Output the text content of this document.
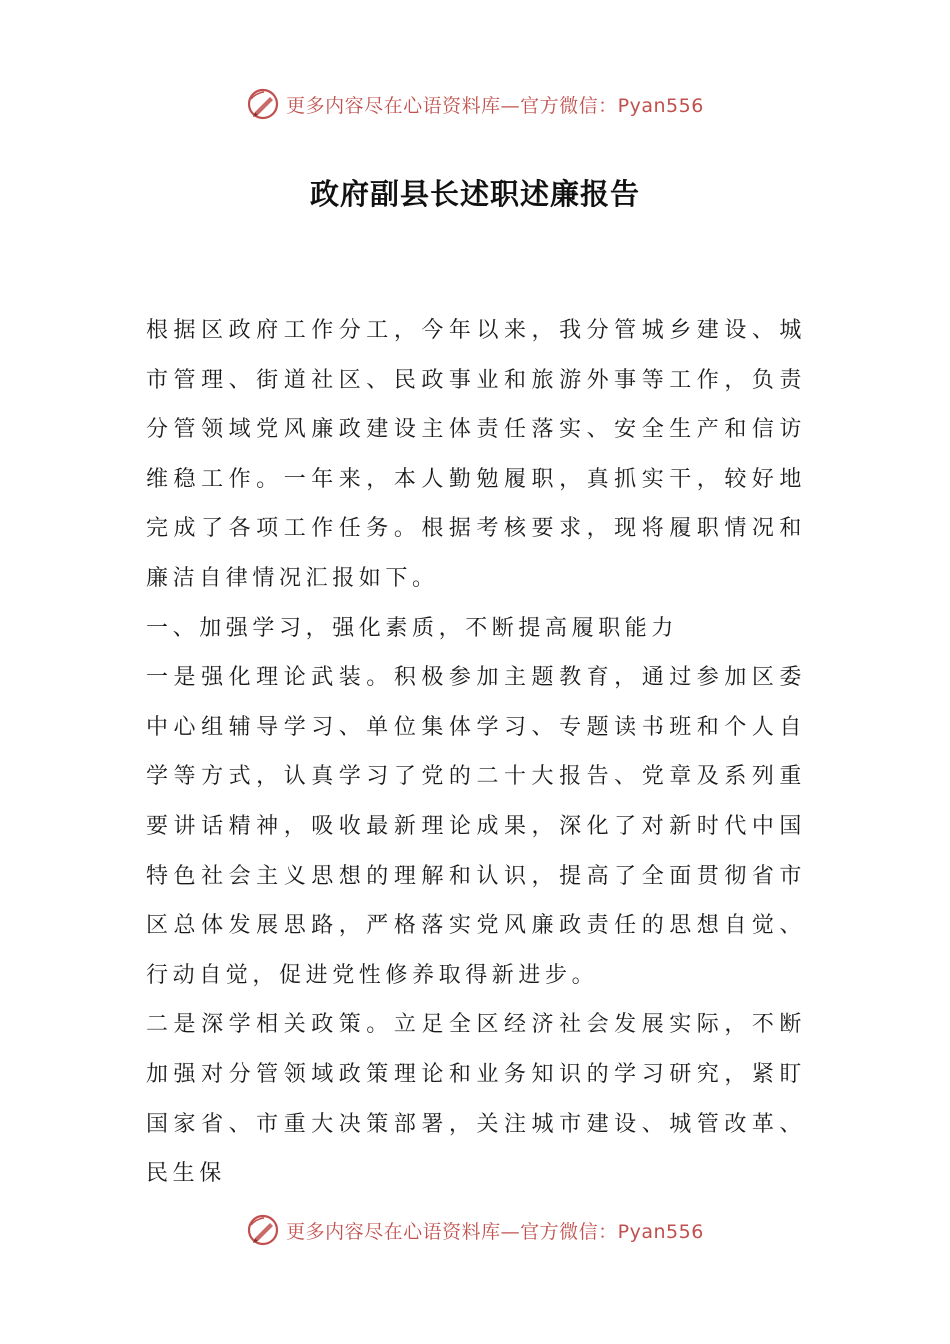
更多内容尽在心语资料库—官方微信：Pyan556
政府副县长述职述廉报告

根据区政府工作分工，今年以来，我分管城乡建设、城市管理、街道社区、民政事业和旅游外事等工作，负责分管领域党风廉政建设主体责任落实、安全生产和信访维稳工作。一年来，本人勤勉履职，真抓实干，较好地完成了各项工作任务。根据考核要求，现将履职情况和廉洁自律情况汇报如下。

一、加强学习，强化素质，不断提高履职能力

一是强化理论武装。积极参加主题教育，通过参加区委中心组辅导学习、单位集体学习、专题读书班和个人自学等方式，认真学习了党的二十大报告、党章及系列重要讲话精神，吸收最新理论成果，深化了对新时代中国特色社会主义思想的理解和认识，提高了全面贯彻省市区总体发展思路，严格落实党风廉政责任的思想自觉、行动自觉，促进党性修养取得新进步。

二是深学相关政策。立足全区经济社会发展实际，不断加强对分管领域政策理论和业务知识的学习研究，紧盯国家省、市重大决策部署，关注城市建设、城管改革、民生保

更多内容尽在心语资料库—官方微信：Pyan556
